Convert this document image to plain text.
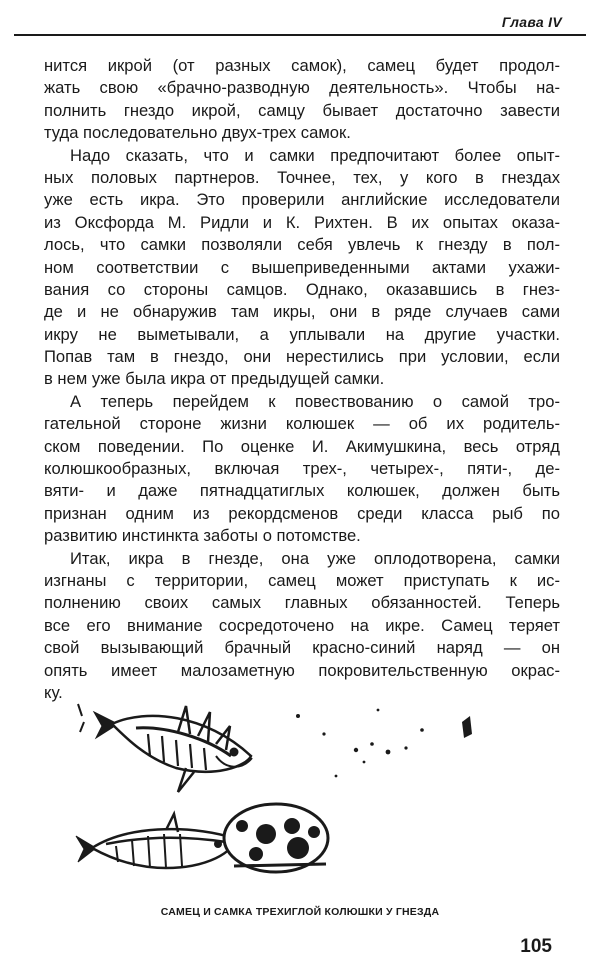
Глава IV
нится икрой (от разных самок), самец будет продол-
жать свою «брачно-разводную деятельность». Чтобы на-
полнить гнездо икрой, самцу бывает достаточно завести
туда последовательно двух-трех самок.
Надо сказать, что и самки предпочитают более опыт-
ных половых партнеров. Точнее, тех, у кого в гнездах
уже есть икра. Это проверили английские исследователи
из Оксфорда М. Ридли и К. Рихтен. В их опытах оказа-
лось, что самки позволяли себя увлечь к гнезду в пол-
ном соответствии с вышеприведенными актами ухажи-
вания со стороны самцов. Однако, оказавшись в гнез-
де и не обнаружив там икры, они в ряде случаев сами
икру не выметывали, а уплывали на другие участки.
Попав там в гнездо, они нерестились при условии, если
в нем уже была икра от предыдущей самки.
А теперь перейдем к повествованию о самой тро-
гательной стороне жизни колюшек — об их родитель-
ском поведении. По оценке И. Акимушкина, весь отряд
колюшкообразных, включая трех-, четырех-, пяти-, де-
вяти- и даже пятнадцатиглых колюшек, должен быть
признан одним из рекордсменов среди класса рыб по
развитию инстинкта заботы о потомстве.
Итак, икра в гнезде, она уже оплодотворена, самки
изгнаны с территории, самец может приступать к ис-
полнению своих самых главных обязанностей. Теперь
все его внимание сосредоточено на икре. Самец теряет
свой вызывающий брачный красно-синий наряд — он
опять имеет малозаметную покровительственную окрас-
ку.
САМЕЦ И САМКА ТРЕХИГЛОЙ КОЛЮШКИ У ГНЕЗДА
105
